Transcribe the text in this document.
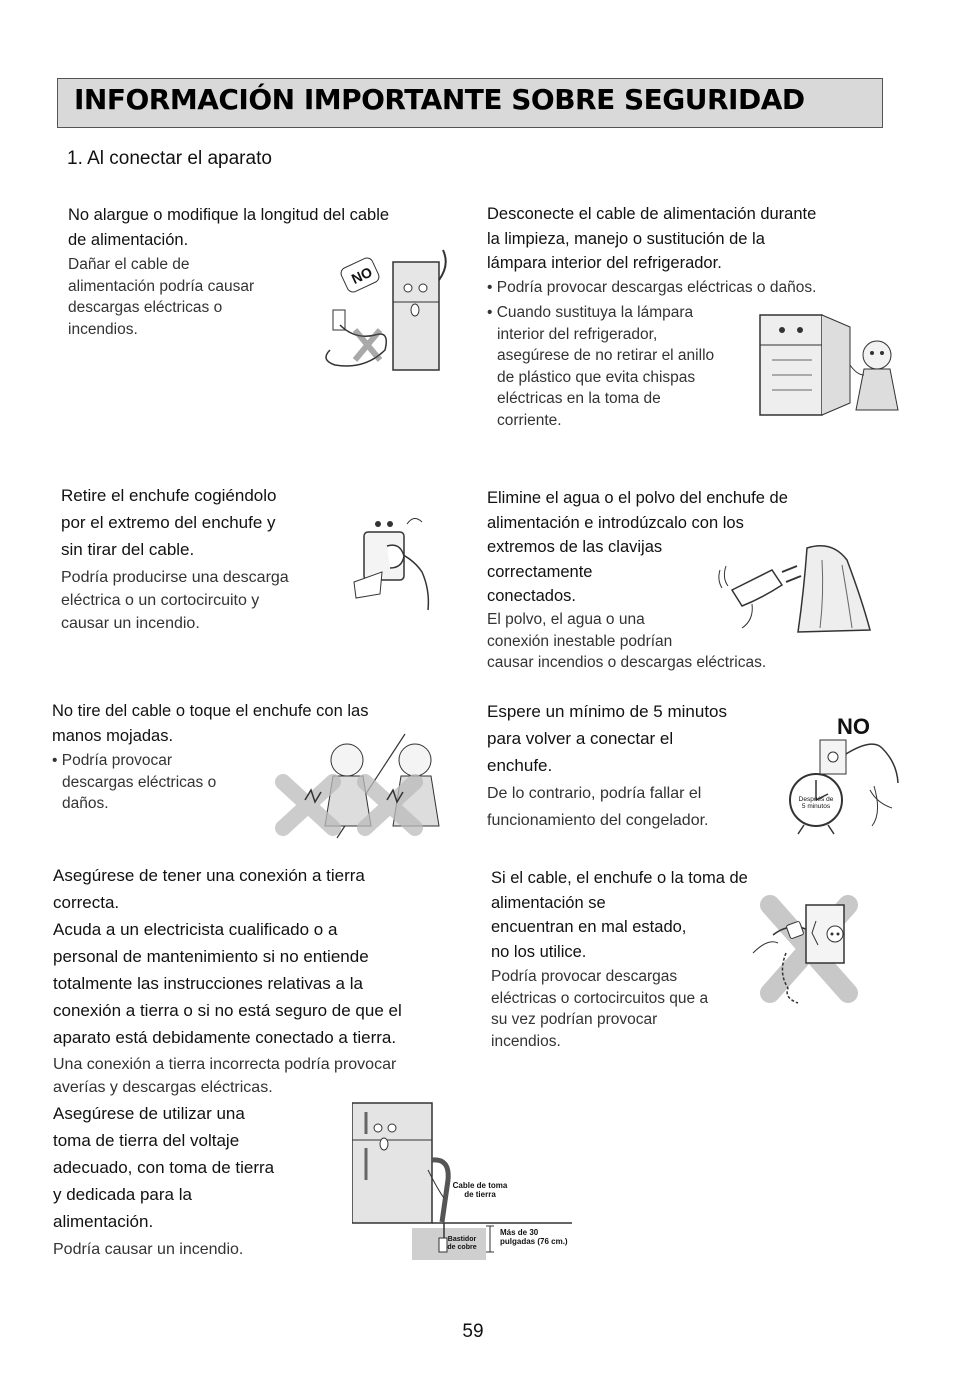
INFORMACIÓN IMPORTANTE SOBRE SEGURIDAD
1. Al conectar el aparato
No alargue o modifique la longitud del cable
de alimentación.
Dañar el cable de
alimentación podría causar
descargas eléctricas o
incendios.
NO
Desconecte el cable de alimentación durante
la limpieza, manejo o sustitución de la
lámpara interior del refrigerador.
• Podría provocar descargas eléctricas o daños.
• Cuando sustituya la lámpara
interior del refrigerador,
asegúrese de no retirar el anillo
de plástico que evita chispas
eléctricas en la toma de
corriente.
Retire el enchufe cogiéndolo
por el extremo del enchufe y
sin tirar del cable.
Podría producirse una descarga
eléctrica o un cortocircuito y
causar un incendio.
Elimine el agua o el polvo del enchufe de
alimentación e introdúzcalo con los
extremos de las clavijas
correctamente
conectados.
El polvo, el agua o una
conexión inestable podrían
causar incendios o descargas eléctricas.
No tire del cable o toque el enchufe con las
manos mojadas.
• Podría provocar
descargas eléctricas o
daños.
Espere un mínimo de 5 minutos
para volver a conectar el
enchufe.
De lo contrario, podría fallar el
funcionamiento del congelador.
NO
Después de
5 minutos
Asegúrese de tener una conexión a tierra
correcta.
Acuda a un electricista cualificado o a
personal de mantenimiento si no entiende
totalmente las instrucciones relativas a la
conexión a tierra o si no está seguro de que el
aparato está debidamente conectado a tierra.
Una conexión a tierra incorrecta podría provocar
averías y descargas eléctricas.
Asegúrese de utilizar una
toma de tierra del voltaje
adecuado, con toma de tierra
y dedicada para la
alimentación.
Podría causar un incendio.
Cable de toma
de tierra
Bastidor
de cobre
Más de 30
pulgadas (76 cm.)
Si el cable, el enchufe o la toma de
alimentación se
encuentran en mal estado,
no los utilice.
Podría provocar descargas
eléctricas o cortocircuitos que a
su vez podrían provocar
incendios.
59
